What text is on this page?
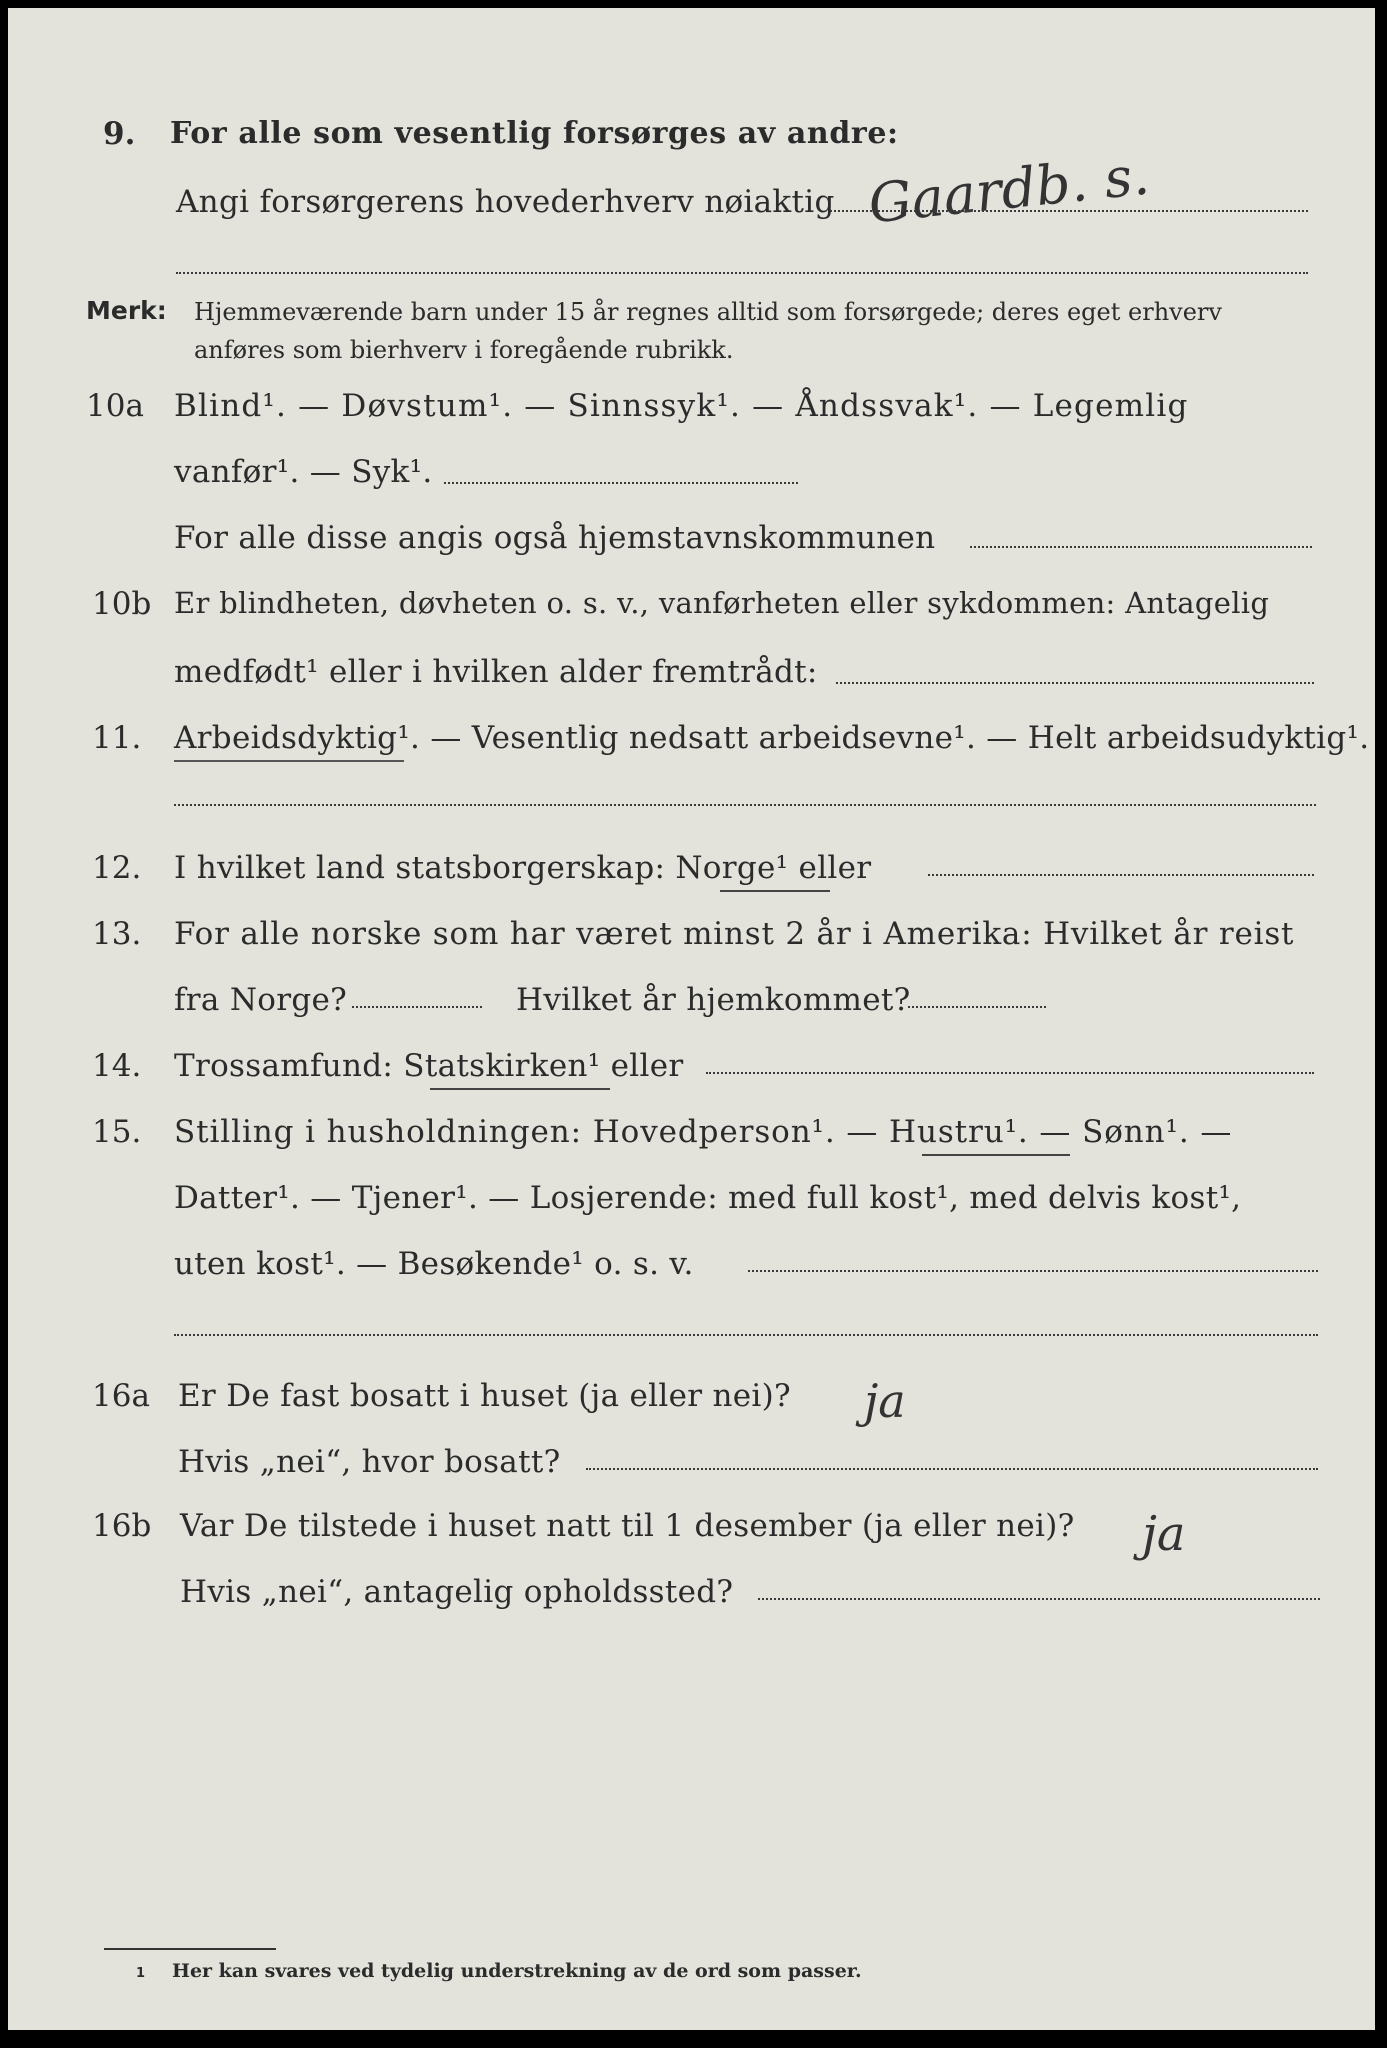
9. For alle som vesentlig forsørges av andre:
Gaardb. s.
Angi forsørgerens hovederhverv nøiaktig
Merk: Hjemmeværende barn under 15 år regnes alltid som forsørgede; deres eget erhverv
anføres som bierhverv i foregående rubrikk.
10a Blind¹. — Døvstum¹. — Sinnssyk¹. — Åndssvak¹. — Legemlig
vanfør¹. — Syk¹.
For alle disse angis også hjemstavnskommunen
10b Er blindheten, døvheten o. s. v., vanførheten eller sykdommen: Antagelig
medfødt¹ eller i hvilken alder fremtrådt:
11. Arbeidsdyktig¹. — Vesentlig nedsatt arbeidsevne¹. — Helt arbeidsudyktig¹.
12. I hvilket land statsborgerskap: Norge¹ eller
13. For alle norske som har været minst 2 år i Amerika: Hvilket år reist
fra Norge?	Hvilket år hjemkommet?
14. Trossamfund: Statskirken¹ eller
15. Stilling i husholdningen: Hovedperson¹. — Hustru¹. — Sønn¹. —
Datter¹. — Tjener¹. — Losjerende: med full kost¹, med delvis kost¹,
uten kost¹. — Besøkende¹ o. s. v.
16a Er De fast bosatt i huset (ja eller nei)? ja
Hvis „nei“, hvor bosatt?
16b Var De tilstede i huset natt til 1 desember (ja eller nei)? ja
Hvis „nei“, antagelig opholdssted?
1 Her kan svares ved tydelig understrekning av de ord som passer.
